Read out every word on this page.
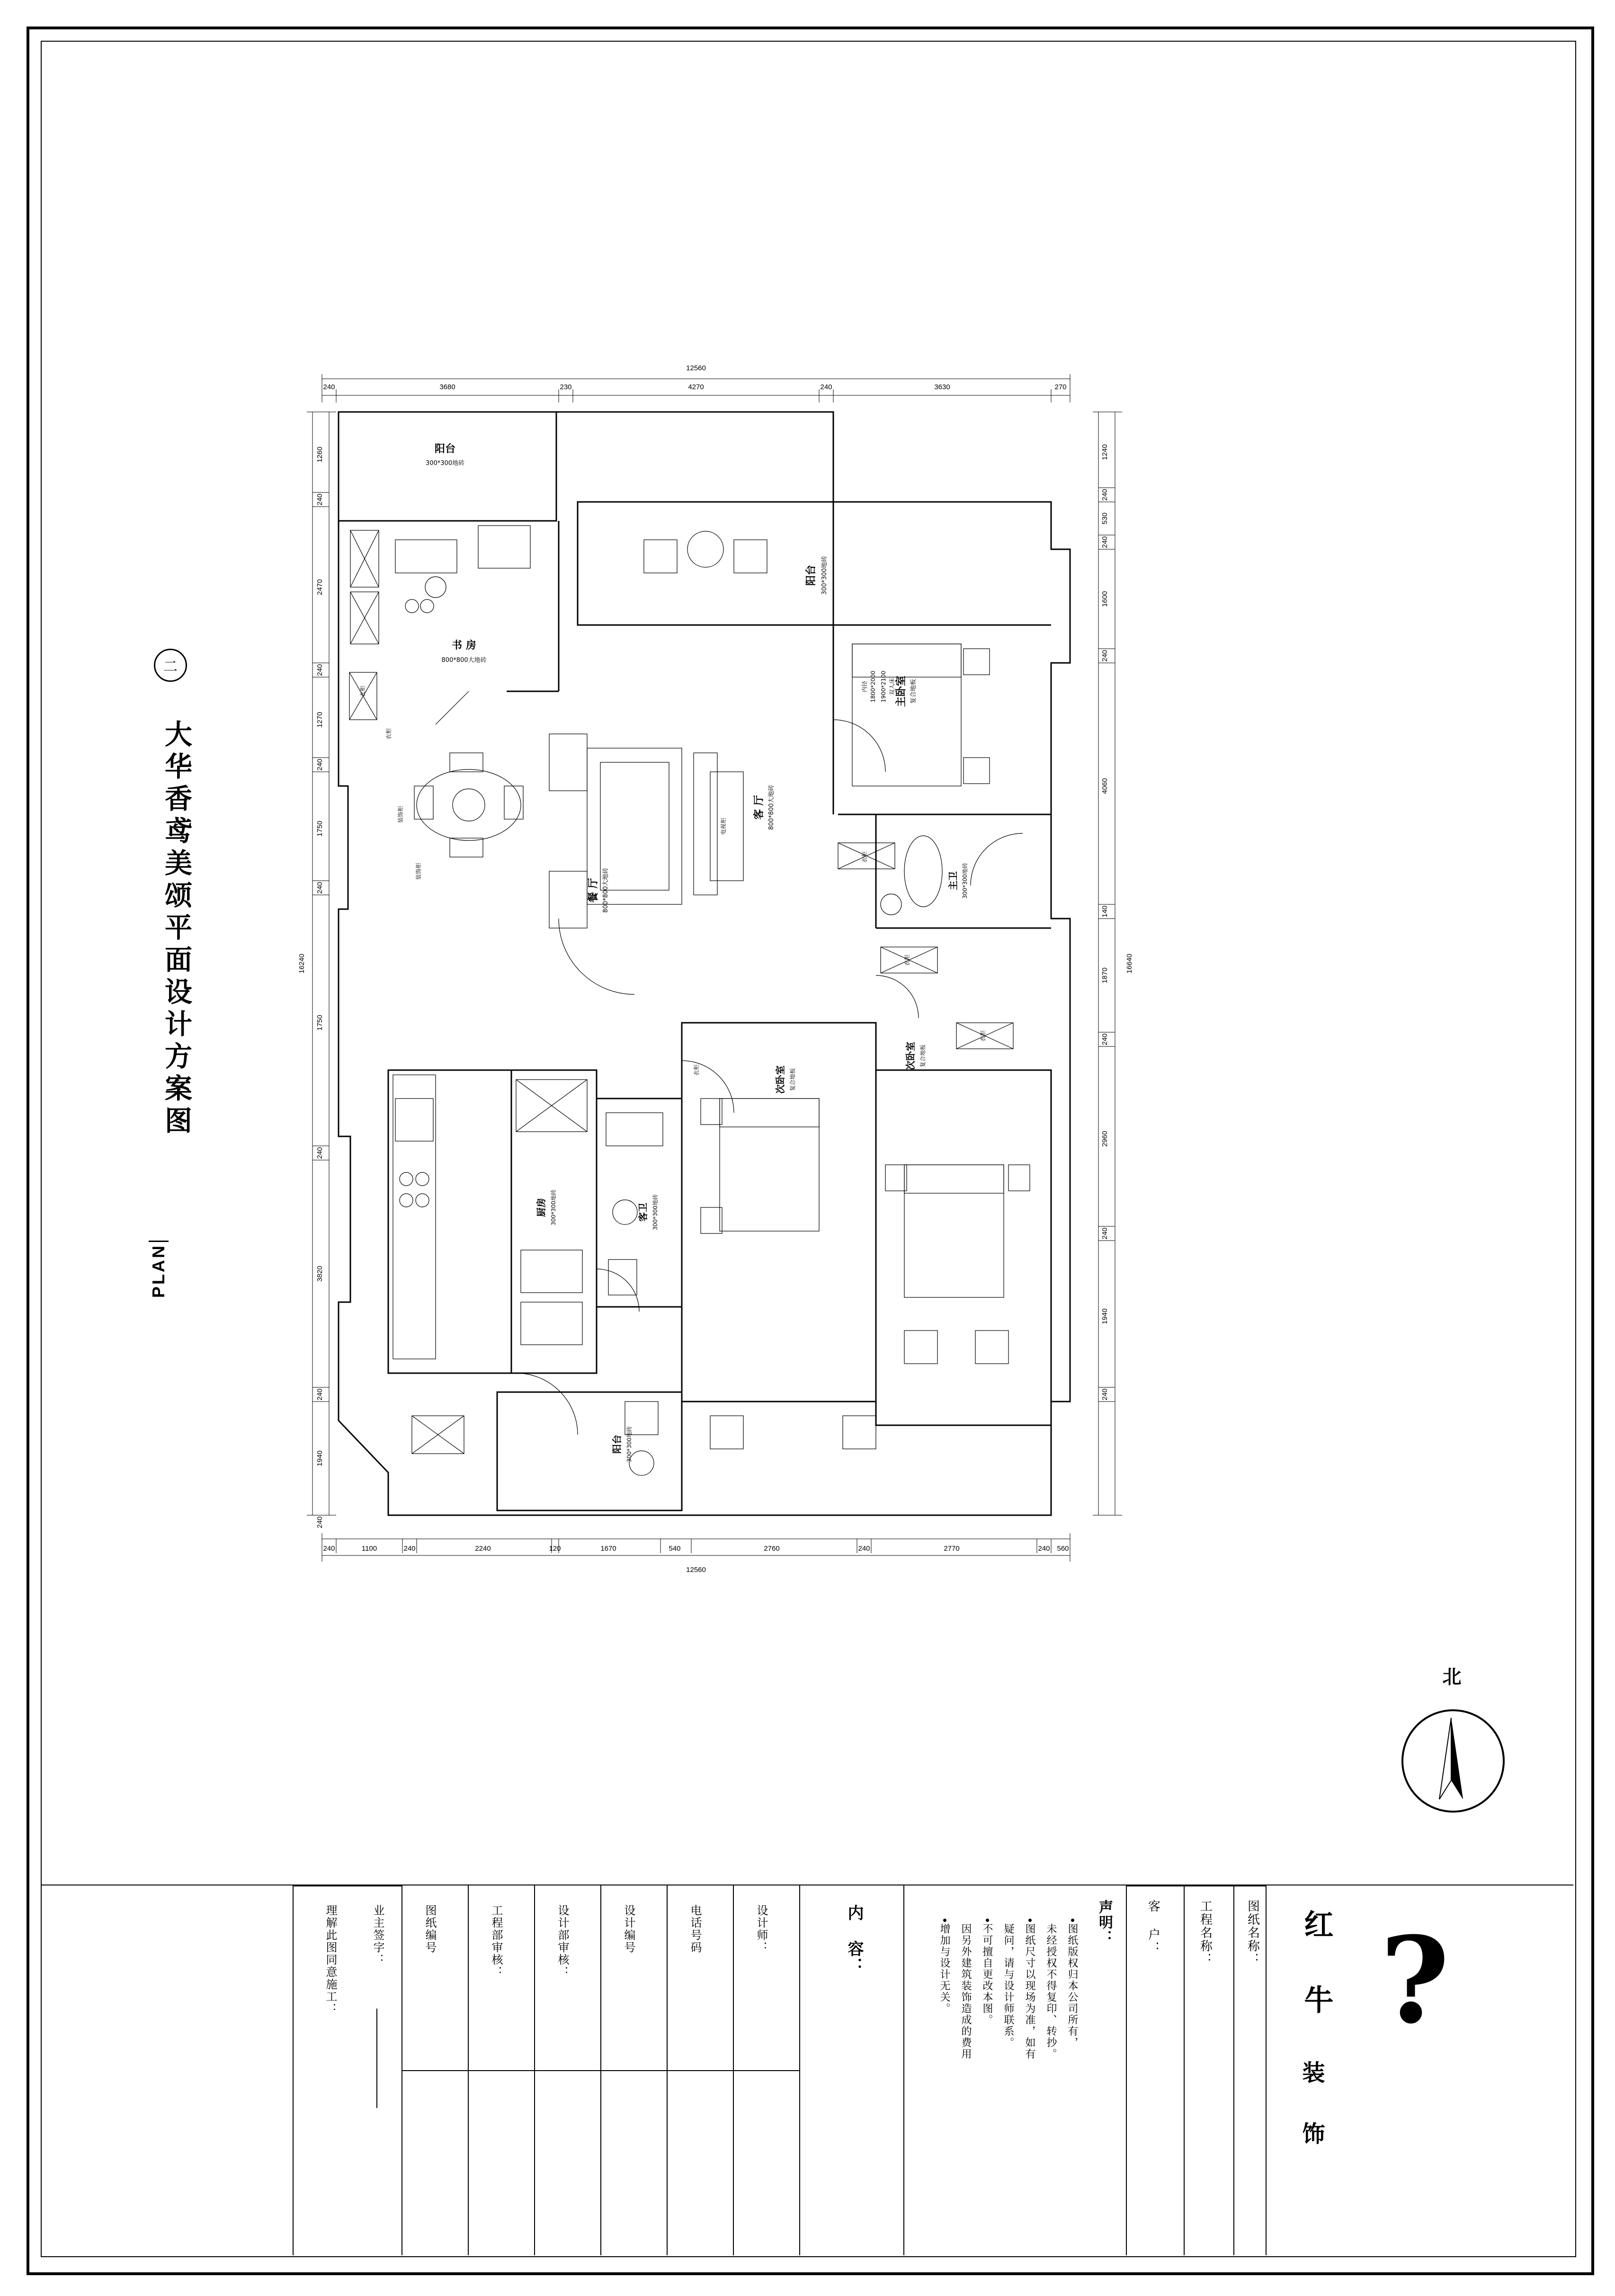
二
大华香鸢美颂平面设计方案图
PLAN
12560
240	3680	230	4270	240	3630	270
12560
240	1100	240	2240	120	1670	540	2760	240	2770	240 560
16240
1260
240
2470
240
1270
240
1750
240
1750
240
3820
240
1940
240
16640
1240
240
530
240
1600
240
4060
140
1870
240
2960
240
1940
240
阳台
300*300地砖
书 房
800*800大地砖
阳台 300*300地砖
主卧室 复合地板
1900*2100 双人床
1800*2000
内径
客 厅 800*800大地砖
餐 厅 800*800大地砖	主卫 300*300地砖
次卧室 复合地板
次卧室 复合地板
厨房 300*300地砖	客卫 300*300地砖
阳台 300*300地砖
衣柜
衣柜
装饰柜
装饰柜
电视柜
衣柜
衣柜
衣柜
衣柜
北
红 牛
装 饰
?
客 户：	工程名称：	图纸名称：
声明：
图纸版权归本公司所有，
未经授权不得复印、转抄。
图纸尺寸以现场为准，如有
疑问，请与设计师联系。
不可擅自更改本图。
因另外建筑装饰造成的费用
增加与设计无关。
内 容：
设计师：
电话号码
设计编号
设计部审核：
工程部审核：
图纸编号
理解此图同意施工：	业主签字：
